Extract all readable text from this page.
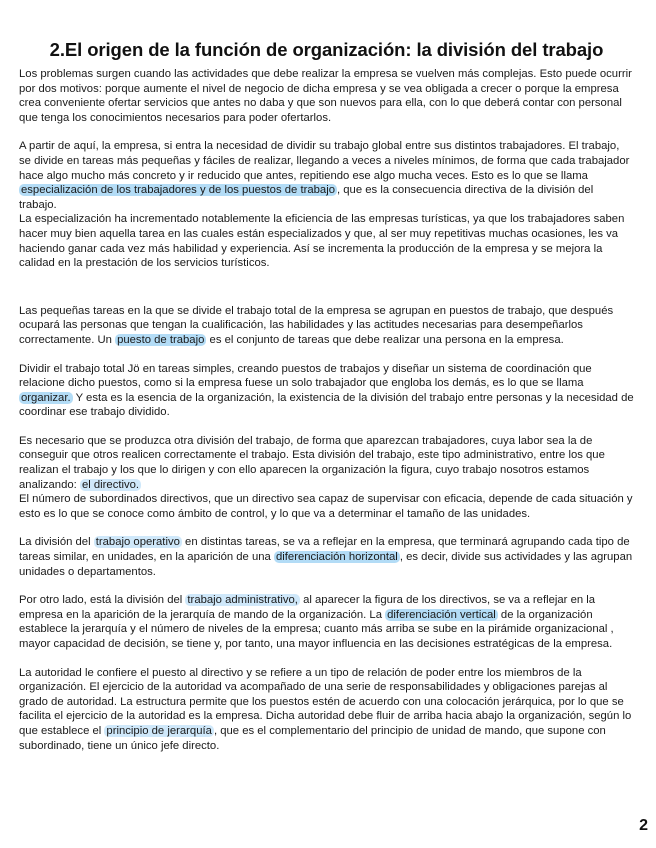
2.El origen de la función de organización: la división del trabajo

Los problemas surgen cuando las actividades que debe realizar la empresa se vuelven más complejas. Esto puede ocurrir por dos motivos: porque aumente el nivel de negocio de dicha empresa y se vea obligada a crecer o porque la empresa crea conveniente ofertar servicios que antes no daba y que son nuevos para ella, con lo que deberá contar con personal que tenga los conocimientos necesarios para poder ofertarlos.

A partir de aquí, la empresa, si entra la necesidad de dividir su trabajo global entre sus distintos trabajadores. El trabajo, se divide en tareas más pequeñas y fáciles de realizar, llegando a veces a niveles mínimos, de forma que cada trabajador hace algo mucho más concreto y ir reducido que antes, repitiendo ese algo mucha veces. Esto es lo que se llama especialización de los trabajadores y de los puestos de trabajo , que es la consecuencia directiva de la división del trabajo.

La especialización ha incrementado notablemente la eficiencia de las empresas turísticas, ya que los trabajadores saben hacer muy bien aquella tarea en las cuales están especializados y que, al ser muy repetitivas muchas ocasiones, les va haciendo ganar cada vez más habilidad y experiencia. Así se incrementa la producción de la empresa y se mejora la calidad en la prestación de los servicios turísticos.

Las pequeñas tareas en la que se divide el trabajo total de la empresa se agrupan en puestos de trabajo, que después ocupará las personas que tengan la cualificación, las habilidades y las actitudes necesarias para desempeñarlos correctamente. Un puesto de trabajo es el conjunto de tareas que debe realizar una persona en la empresa.

Dividir el trabajo total Jö en tareas simples, creando puestos de trabajos y diseñar un sistema de coordinación que relacione dicho puestos, como si la empresa fuese un solo trabajador que engloba los demás, es lo que se llama organizar. Y esta es la esencia de la organización, la existencia de la división del trabajo entre personas y la necesidad de coordinar ese trabajo dividido.

Es necesario que se produzca otra división del trabajo, de forma que aparezcan trabajadores, cuya labor sea la de conseguir que otros realicen correctamente el trabajo. Esta división del trabajo, este tipo administrativo, entre los que realizan el trabajo y los que lo dirigen y con ello aparecen la organización la figura, cuyo trabajo nosotros estamos analizando: el directivo.

El número de subordinados directivos, que un directivo sea capaz de supervisar con eficacia, depende de cada situación y esto es lo que se conoce como ámbito de control, y lo que va a determinar el tamaño de las unidades.

La división del trabajo operativo en distintas tareas, se va a reflejar en la empresa, que terminará agrupando cada tipo de tareas similar, en unidades, en la aparición de una diferenciación horizontal , es decir, divide sus actividades y las agrupan unidades o departamentos.

Por otro lado, está la división del trabajo administrativo, al aparecer la figura de los directivos, se va a reflejar en la empresa en la aparición de la jerarquía de mando de la organización. La diferenciación vertical de la organización establece la jerarquía y el número de niveles de la empresa; cuanto más arriba se sube en la pirámide organizacional , mayor capacidad de decisión, se tiene y, por tanto, una mayor influencia en las decisiones estratégicas de la empresa.

La autoridad le confiere el puesto al directivo y se refiere a un tipo de relación de poder entre los miembros de la organización. El ejercicio de la autoridad va acompañado de una serie de responsabilidades y obligaciones parejas al grado de autoridad. La estructura permite que los puestos estén de acuerdo con una colocación jerárquica, por lo que se facilita el ejercicio de la autoridad es la empresa. Dicha autoridad debe fluir de arriba hacia abajo la organización, según lo que establece el principio de jerarquía , que es el complementario del principio de unidad de mando, que supone con subordinado, tiene un único jefe directo.

2
